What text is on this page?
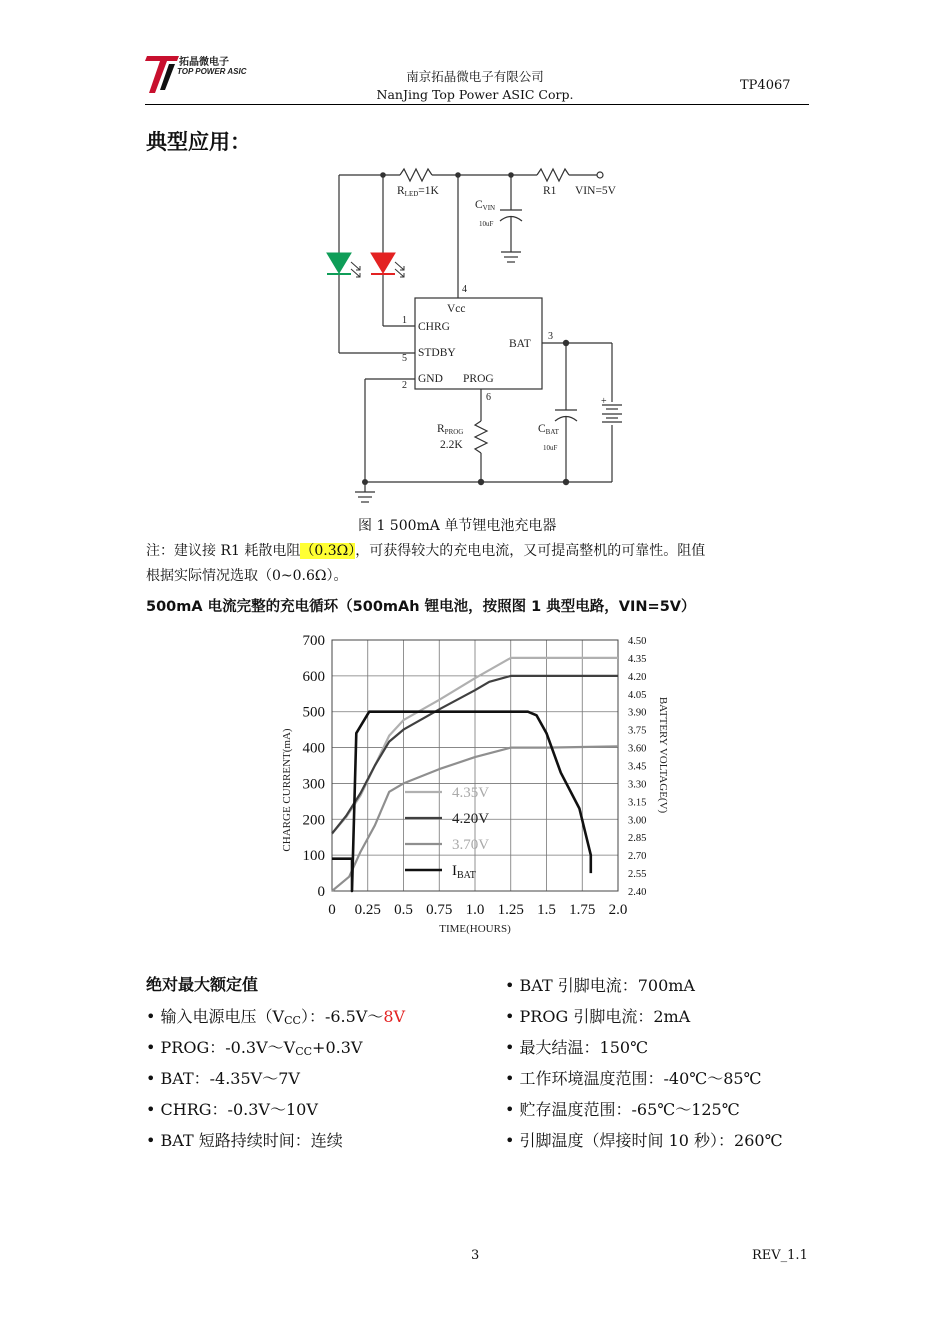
拓晶微电子
TOP POWER ASIC	南京拓晶微电子有限公司
NanJing Top Power ASIC Corp.
TP4067
典型应用：
RLED=1K	R1 VIN=5V
CVIN
10uF
4
Vcc
1
CHRG
BAT
3
STDBY
5
2
GND PROG
6
RPROG
2.2K
CBAT
10uF
+
图 1 500mA 单节锂电池充电器
注：建议接 R1 耗散电阻（0.3Ω），可获得较大的充电电流，又可提高整机的可靠性。阻值
根据实际情况选取（0~0.6Ω）。
500mA 电流完整的充电循环（500mAh 锂电池，按照图 1 典型电路，VIN=5V）
0 0.25 0.5 0.75 1.0 1.25 1.5 1.75 2.0
0
100
200
300
400
500
600
700
2.40
2.55
2.70
2.85
3.00
3.15
3.30
3.45
3.60
3.75
3.90
4.05
4.20
4.35
4.50
4.35V
4.20V
3.70V
$I_{BAT}$
CHARGE CURRENT(mA)	BATTERY VOLTAGE(V)
TIME(HOURS)
绝对最大额定值
• 输入电源电压$(V_{CC})$：-6.5V～8V
• PROG：$-0.3V\sim V_{CC}+0.3V$
• BAT：-4.35V～7V
• CHRG：-0.3V～10V
• BAT 短路持续时间：连续
• BAT 引脚电流：700mA
• PROG 引脚电流：2mA
• 最大结温：150℃
• 工作环境温度范围：-40℃～85℃
• 贮存温度范围：-65℃～125℃
• 引脚温度（焊接时间 10 秒）：260℃
3	REV_1.1
